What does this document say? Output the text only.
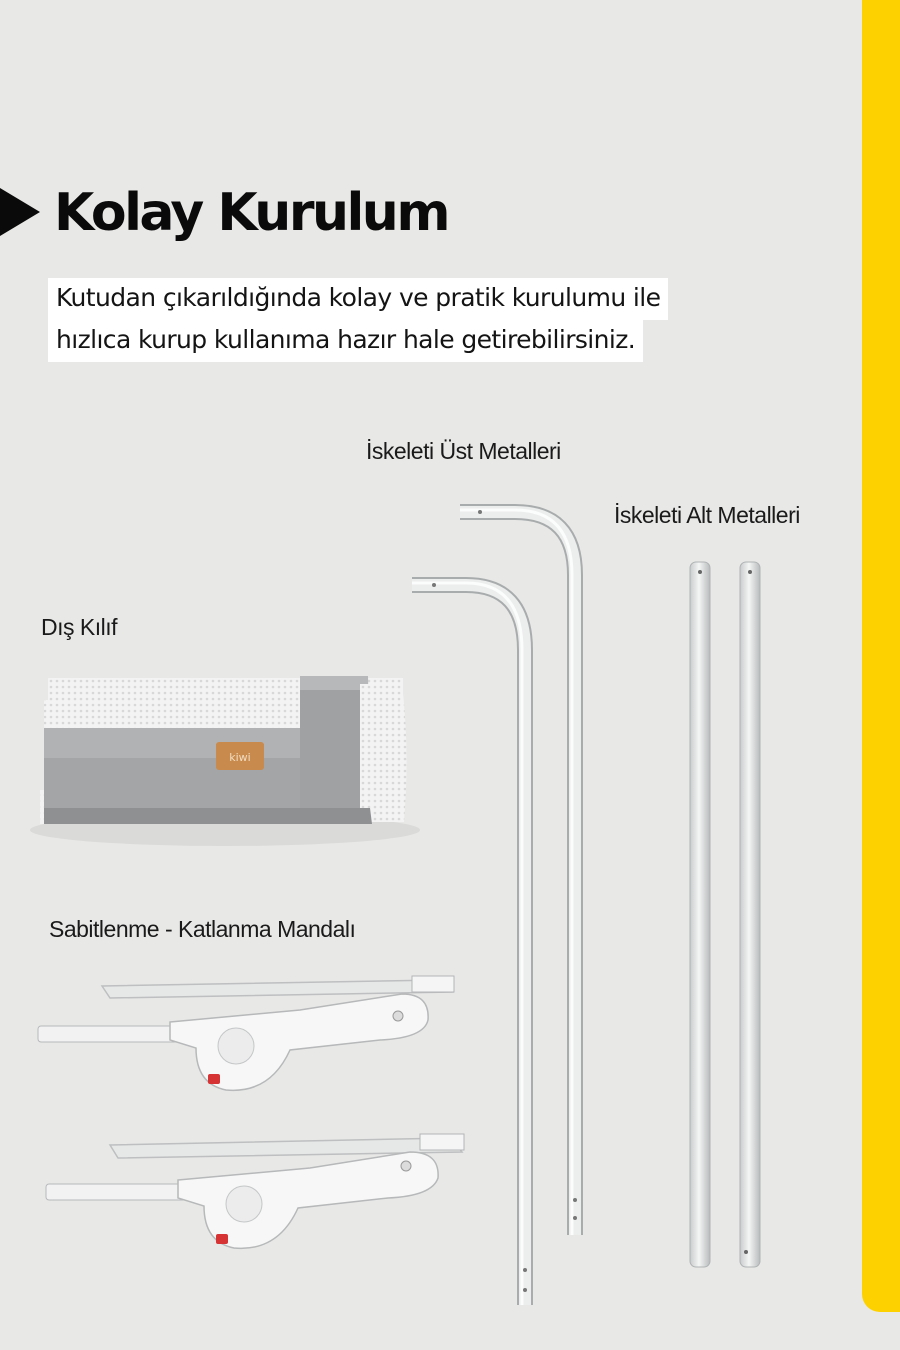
Kolay Kurulum
Kutudan çıkarıldığında kolay ve pratik kurulumu ile
hızlıca kurup kullanıma hazır hale getirebilirsiniz.
İskeleti Üst Metalleri
İskeleti Alt Metalleri
Dış Kılıf
Sabitlenme - Katlanma Mandalı
kiwi
